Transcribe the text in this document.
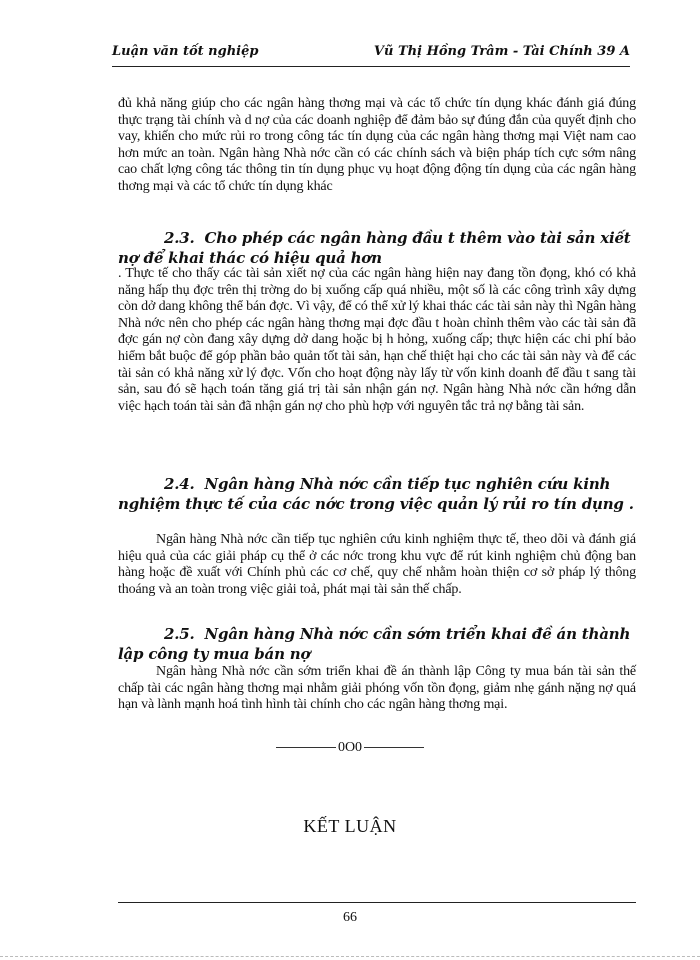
Luận văn tốt nghiệp	Vũ Thị Hồng Trâm - Tài Chính 39 A
đủ khả năng giúp cho các ngân hàng thơng mại và các tổ chức tín dụng khác đánh giá đúng thực trạng tài chính và d nợ của các doanh nghiệp để đảm bảo sự đúng đắn của quyết định cho vay, khiến cho mức rủi ro trong công tác tín dụng của các ngân hàng thơng mại Việt nam cao hơn mức an toàn. Ngân hàng Nhà nớc cần có các chính sách và biện pháp tích cực sớm nâng cao chất lợng công tác thông tin tín dụng phục vụ hoạt động động tín dụng của các ngân hàng thơng mại và các tổ chức tín dụng khác
2.3. Cho phép các ngân hàng đầu t thêm vào tài sản xiết nợ để khai thác có hiệu quả hơn
. Thực tế cho thấy các tài sản xiết nợ của các ngân hàng hiện nay đang tồn đọng, khó có khả năng hấp thụ đợc trên thị trờng do bị xuống cấp quá nhiều, một số là các công trình xây dựng còn dở dang không thể bán đợc. Vì vậy, để có thể xử lý khai thác các tài sản này thì Ngân hàng Nhà nớc nên cho phép các ngân hàng thơng mại đợc đầu t hoàn chỉnh thêm vào các tài sản đã đợc gán nợ còn đang xây dựng dở dang hoặc bị h hỏng, xuống cấp; thực hiện các chi phí bảo hiểm bắt buộc để góp phần bảo quản tốt tài sản, hạn chế thiệt hại cho các tài sản này và để các tài sản có khả năng xử lý đợc. Vốn cho hoạt động này lấy từ vốn kinh doanh để đầu t sang tài sản, sau đó sẽ hạch toán tăng giá trị tài sản nhận gán nợ. Ngân hàng Nhà nớc cần hớng dẫn việc hạch toán tài sản đã nhận gán nợ cho phù hợp với nguyên tắc trả nợ bằng tài sản.
2.4. Ngân hàng Nhà nớc cần tiếp tục nghiên cứu kinh nghiệm thực tế của các nớc trong việc quản lý rủi ro tín dụng .
Ngân hàng Nhà nớc cần tiếp tục nghiên cứu kinh nghiệm thực tế, theo dõi và đánh giá hiệu quả của các giải pháp cụ thể ở các nớc trong khu vực để rút kinh nghiệm chủ động ban hàng hoặc đề xuất với Chính phủ các cơ chế, quy chế nhằm hoàn thiện cơ sở pháp lý thông thoáng và an toàn trong việc giải toả, phát mại tài sản thế chấp.
2.5. Ngân hàng Nhà nớc cần sớm triển khai đề án thành lập công ty mua bán nợ
Ngân hàng Nhà nớc cần sớm triển khai đề án thành lập Công ty mua bán tài sản thế chấp tài các ngân hàng thơng mại nhằm giải phóng vốn tồn đọng, giảm nhẹ gánh nặng nợ quá hạn và lành mạnh hoá tình hình tài chính cho các ngân hàng thơng mại.
0O0
KẾT LUẬN
66
